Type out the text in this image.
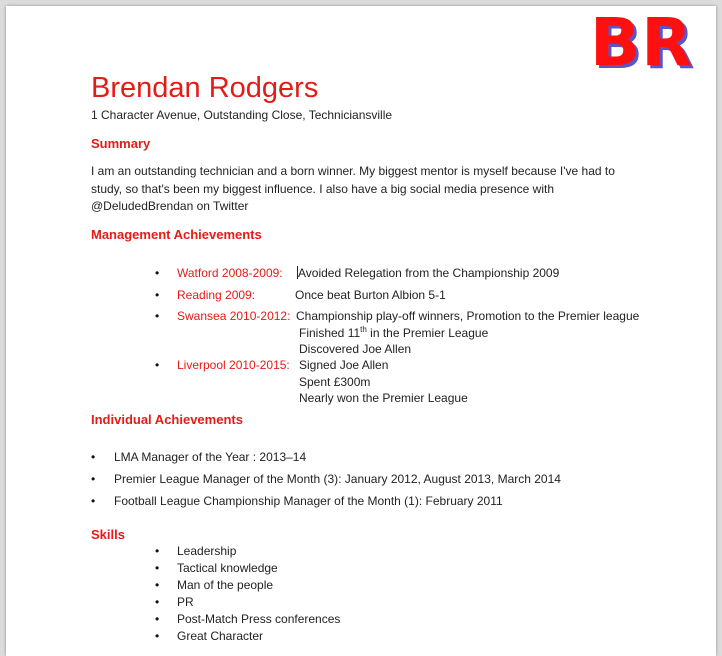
BR
Brendan Rodgers
1 Character Avenue, Outstanding Close, Techniciansville
Summary
I am an outstanding technician and a born winner. My biggest mentor is myself because I've had to
study, so that's been my biggest influence. I also have a big social media presence with
@DeludedBrendan on Twitter
Management Achievements
• Watford 2008-2009: Avoided Relegation from the Championship 2009
• Reading 2009:	Once beat Burton Albion 5-1
• Swansea 2010-2012: Championship play-off winners, Promotion to the Premier league
Finished 11th in the Premier League
Discovered Joe Allen
• Liverpool 2010-2015: Signed Joe Allen
Spent £300m
Nearly won the Premier League
Individual Achievements
• LMA Manager of the Year : 2013–14
• Premier League Manager of the Month (3): January 2012, August 2013, March 2014
• Football League Championship Manager of the Month (1): February 2011
Skills
• Leadership
• Tactical knowledge
• Man of the people
• PR
• Post-Match Press conferences
• Great Character
